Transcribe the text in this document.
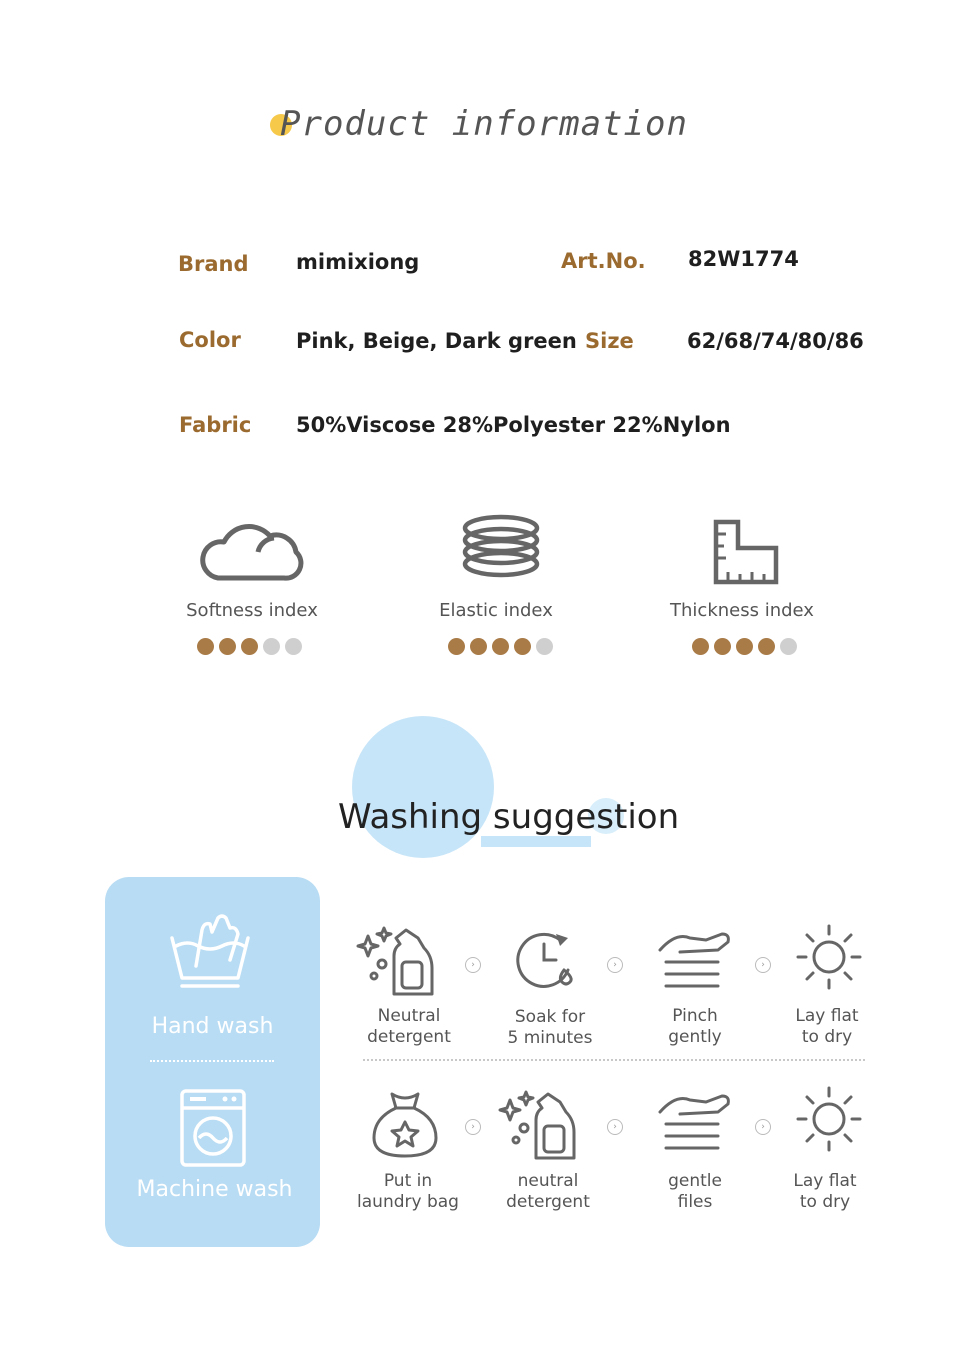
Product information
Brand mimixiong	Art.No. 82W1774
Color	Pink, Beige, Dark green Size	62/68/74/80/86
Fabric 50%Viscose 28%Polyester 22%Nylon
Softness index	Elastic index	Thickness index
Washing suggestion
Hand wash
Machine wash
›	›	›
Neutral
detergent
Soak for
5 minutes
Pinch
gently
Lay flat
to dry
›	›	›
Put in
laundry bag
neutral
detergent
gentle
files
Lay flat
to dry
